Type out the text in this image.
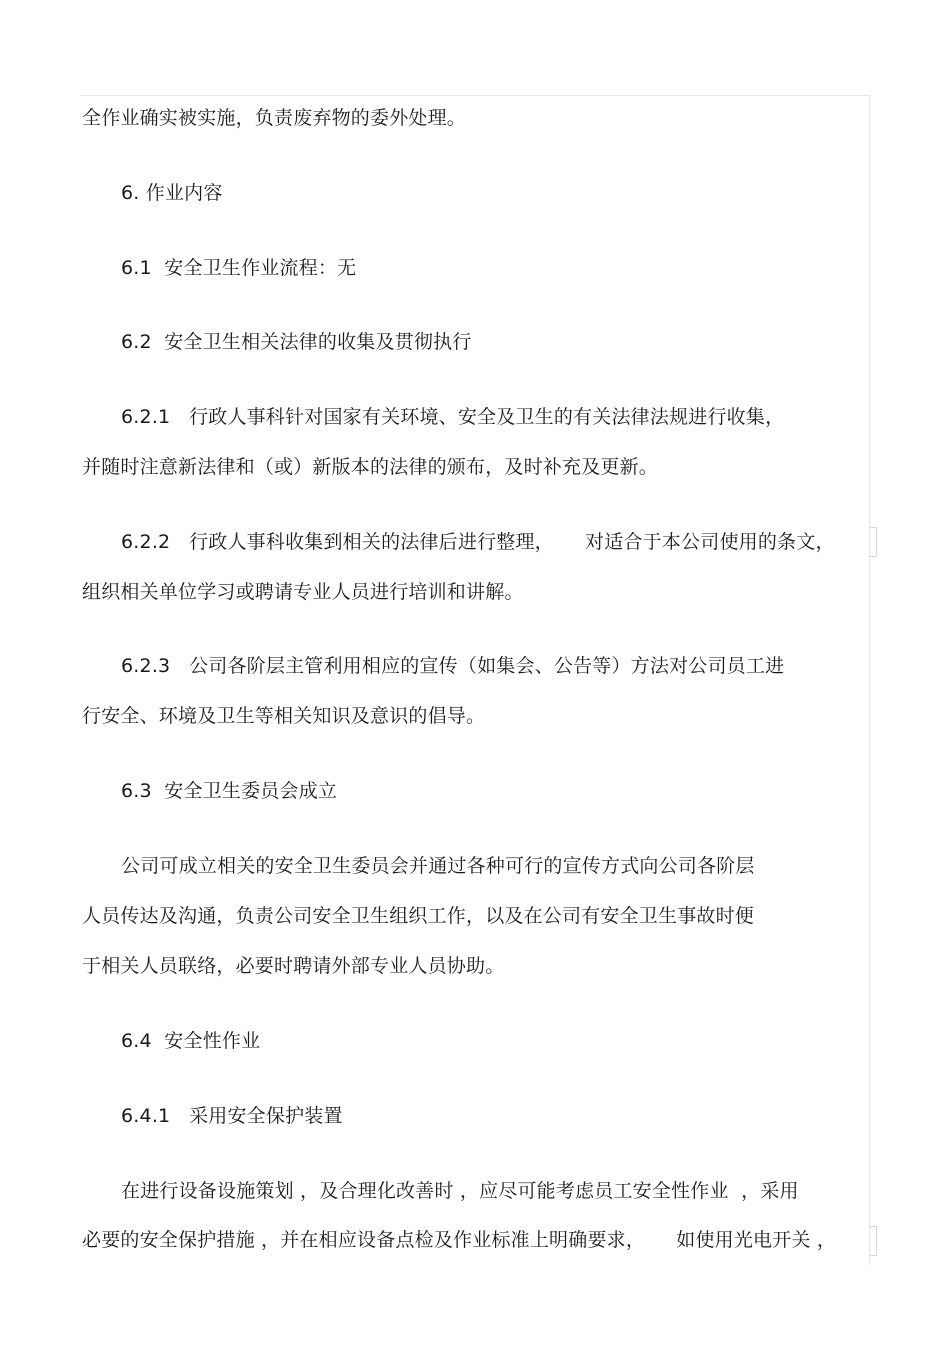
全作业确实被实施，负责废弃物的委外处理。
6. 作业内容
6.1  安全卫生作业流程：无
6.2  安全卫生相关法律的收集及贯彻执行
6.2.1   行政人事科针对国家有关环境、安全及卫生的有关法律法规进行收集，
并随时注意新法律和（或）新版本的法律的颁布，及时补充及更新。
6.2.2   行政人事科收集到相关的法律后进行整理，     对适合于本公司使用的条文，
组织相关单位学习或聘请专业人员进行培训和讲解。
6.2.3   公司各阶层主管利用相应的宣传（如集会、公告等）方法对公司员工进
行安全、环境及卫生等相关知识及意识的倡导。
6.3  安全卫生委员会成立
公司可成立相关的安全卫生委员会并通过各种可行的宣传方式向公司各阶层
人员传达及沟通，负责公司安全卫生组织工作，以及在公司有安全卫生事故时便
于相关人员联络，必要时聘请外部专业人员协助。
6.4  安全性作业
6.4.1   采用安全保护装置
在进行设备设施策划 ，及合理化改善时 ，应尽可能考虑员工安全性作业  ，采用
必要的安全保护措施 ，并在相应设备点检及作业标准上明确要求，     如使用光电开关 ，
